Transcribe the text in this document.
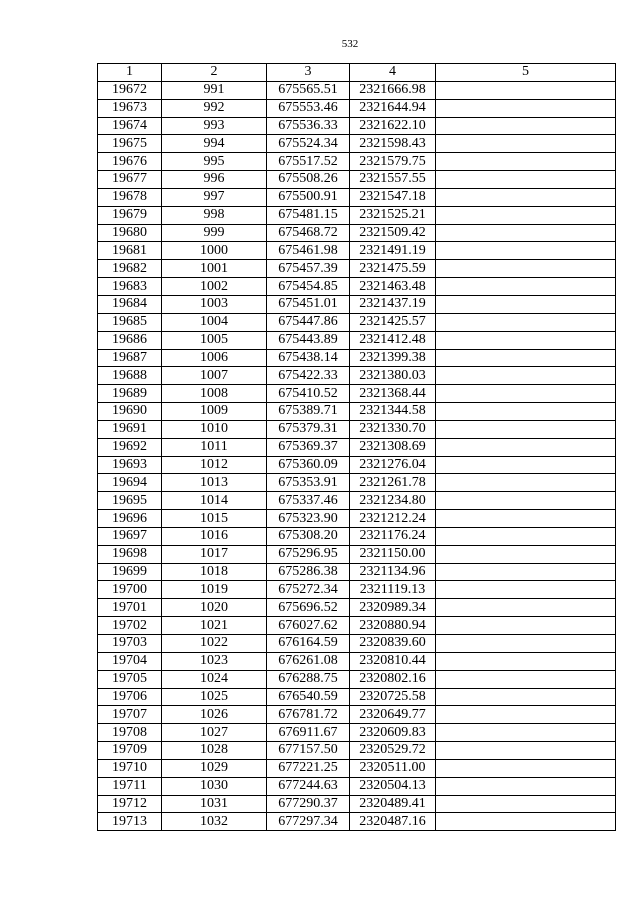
532
1	2	3	4	5
19672	991	675565.51	2321666.98	
19673	992	675553.46	2321644.94	
19674	993	675536.33	2321622.10	
19675	994	675524.34	2321598.43	
19676	995	675517.52	2321579.75	
19677	996	675508.26	2321557.55	
19678	997	675500.91	2321547.18	
19679	998	675481.15	2321525.21	
19680	999	675468.72	2321509.42	
19681	1000	675461.98	2321491.19	
19682	1001	675457.39	2321475.59	
19683	1002	675454.85	2321463.48	
19684	1003	675451.01	2321437.19	
19685	1004	675447.86	2321425.57	
19686	1005	675443.89	2321412.48	
19687	1006	675438.14	2321399.38	
19688	1007	675422.33	2321380.03	
19689	1008	675410.52	2321368.44	
19690	1009	675389.71	2321344.58	
19691	1010	675379.31	2321330.70	
19692	1011	675369.37	2321308.69	
19693	1012	675360.09	2321276.04	
19694	1013	675353.91	2321261.78	
19695	1014	675337.46	2321234.80	
19696	1015	675323.90	2321212.24	
19697	1016	675308.20	2321176.24	
19698	1017	675296.95	2321150.00	
19699	1018	675286.38	2321134.96	
19700	1019	675272.34	2321119.13	
19701	1020	675696.52	2320989.34	
19702	1021	676027.62	2320880.94	
19703	1022	676164.59	2320839.60	
19704	1023	676261.08	2320810.44	
19705	1024	676288.75	2320802.16	
19706	1025	676540.59	2320725.58	
19707	1026	676781.72	2320649.77	
19708	1027	676911.67	2320609.83	
19709	1028	677157.50	2320529.72	
19710	1029	677221.25	2320511.00	
19711	1030	677244.63	2320504.13	
19712	1031	677290.37	2320489.41	
19713	1032	677297.34	2320487.16	
